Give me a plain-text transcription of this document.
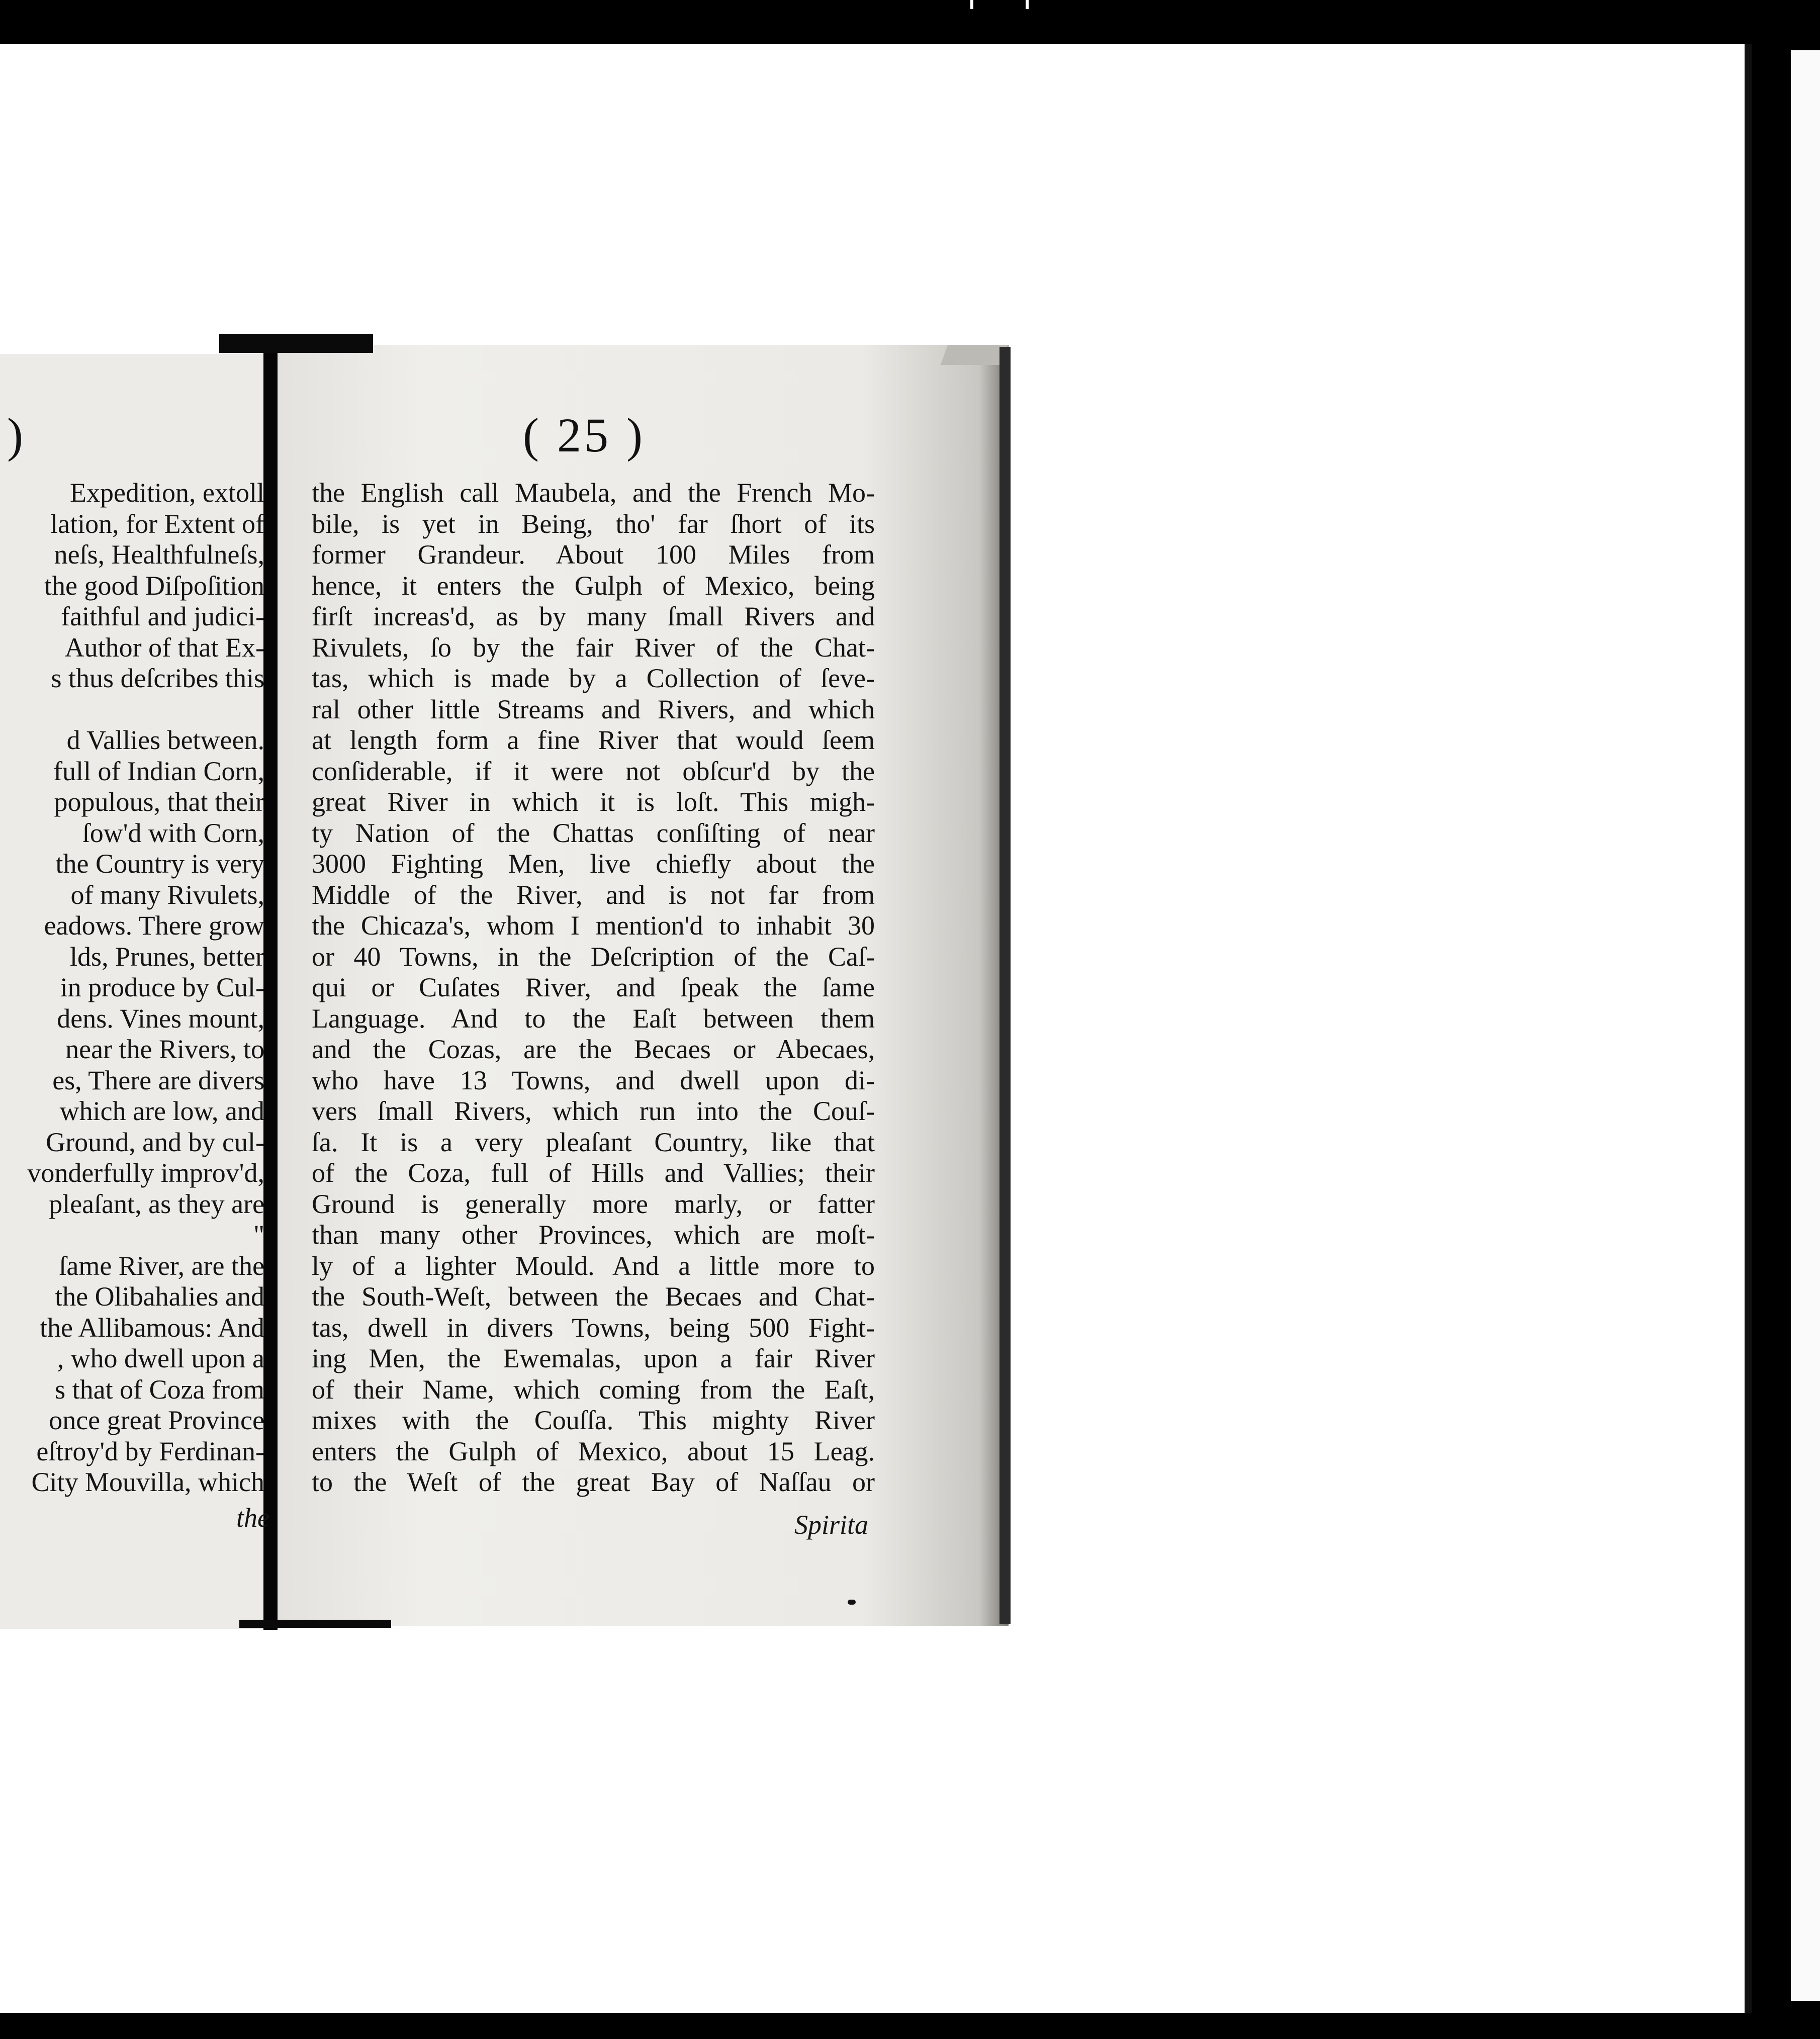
)	( 25 )
the English call Maubela, and the French Mo-
bile, is yet in Being, tho' far ſhort of its
former Grandeur. About 100 Miles from
hence, it enters the Gulph of Mexico, being
firſt increas'd, as by many ſmall Rivers and
Rivulets, ſo by the fair River of the Chat-
tas, which is made by a Collection of ſeve-
ral other little Streams and Rivers, and which
at length form a fine River that would ſeem
conſiderable, if it were not obſcur'd by the
great River in which it is loſt. This migh-
ty Nation of the Chattas conſiſting of near
3000 Fighting Men, live chiefly about the
Middle of the River, and is not far from
the Chicaza's, whom I mention'd to inhabit 30
or 40 Towns, in the Deſcription of the Caſ-
qui or Cuſates River, and ſpeak the ſame
Language. And to the Eaſt between them
and the Cozas, are the Becaes or Abecaes,
who have 13 Towns, and dwell upon di-
vers ſmall Rivers, which run into the Couſ-
ſa. It is a very pleaſant Country, like that
of the Coza, full of Hills and Vallies; their
Ground is generally more marly, or fatter
than many other Provinces, which are moſt-
ly of a lighter Mould. And a little more to
the South-Weſt, between the Becaes and Chat-
tas, dwell in divers Towns, being 500 Fight-
ing Men, the Ewemalas, upon a fair River
of their Name, which coming from the Eaſt,
mixes with the Couſſa. This mighty River
enters the Gulph of Mexico, about 15 Leag.
to the Weſt of the great Bay of Naſſau or
Spirita
Expedition, extoll
lation, for Extent of
neſs, Healthfulneſs,
the good Diſpoſition
faithful and judici-
Author of that Ex-
s thus deſcribes this
d Vallies between.
full of Indian Corn,
populous, that their
ſow'd with Corn,
the Country is very
of many Rivulets,
eadows. There grow
lds, Prunes, better
in produce by Cul-
dens. Vines mount,
near the Rivers, to
es, There are divers
which are low, and
Ground, and by cul-
vonderfully improv'd,
pleaſant, as they are
"
ſame River, are the
the Olibahalies and
the Allibamous: And
, who dwell upon a
s that of Coza from
once great Province
eſtroy'd by Ferdinan-
City Mouvilla, which
the
